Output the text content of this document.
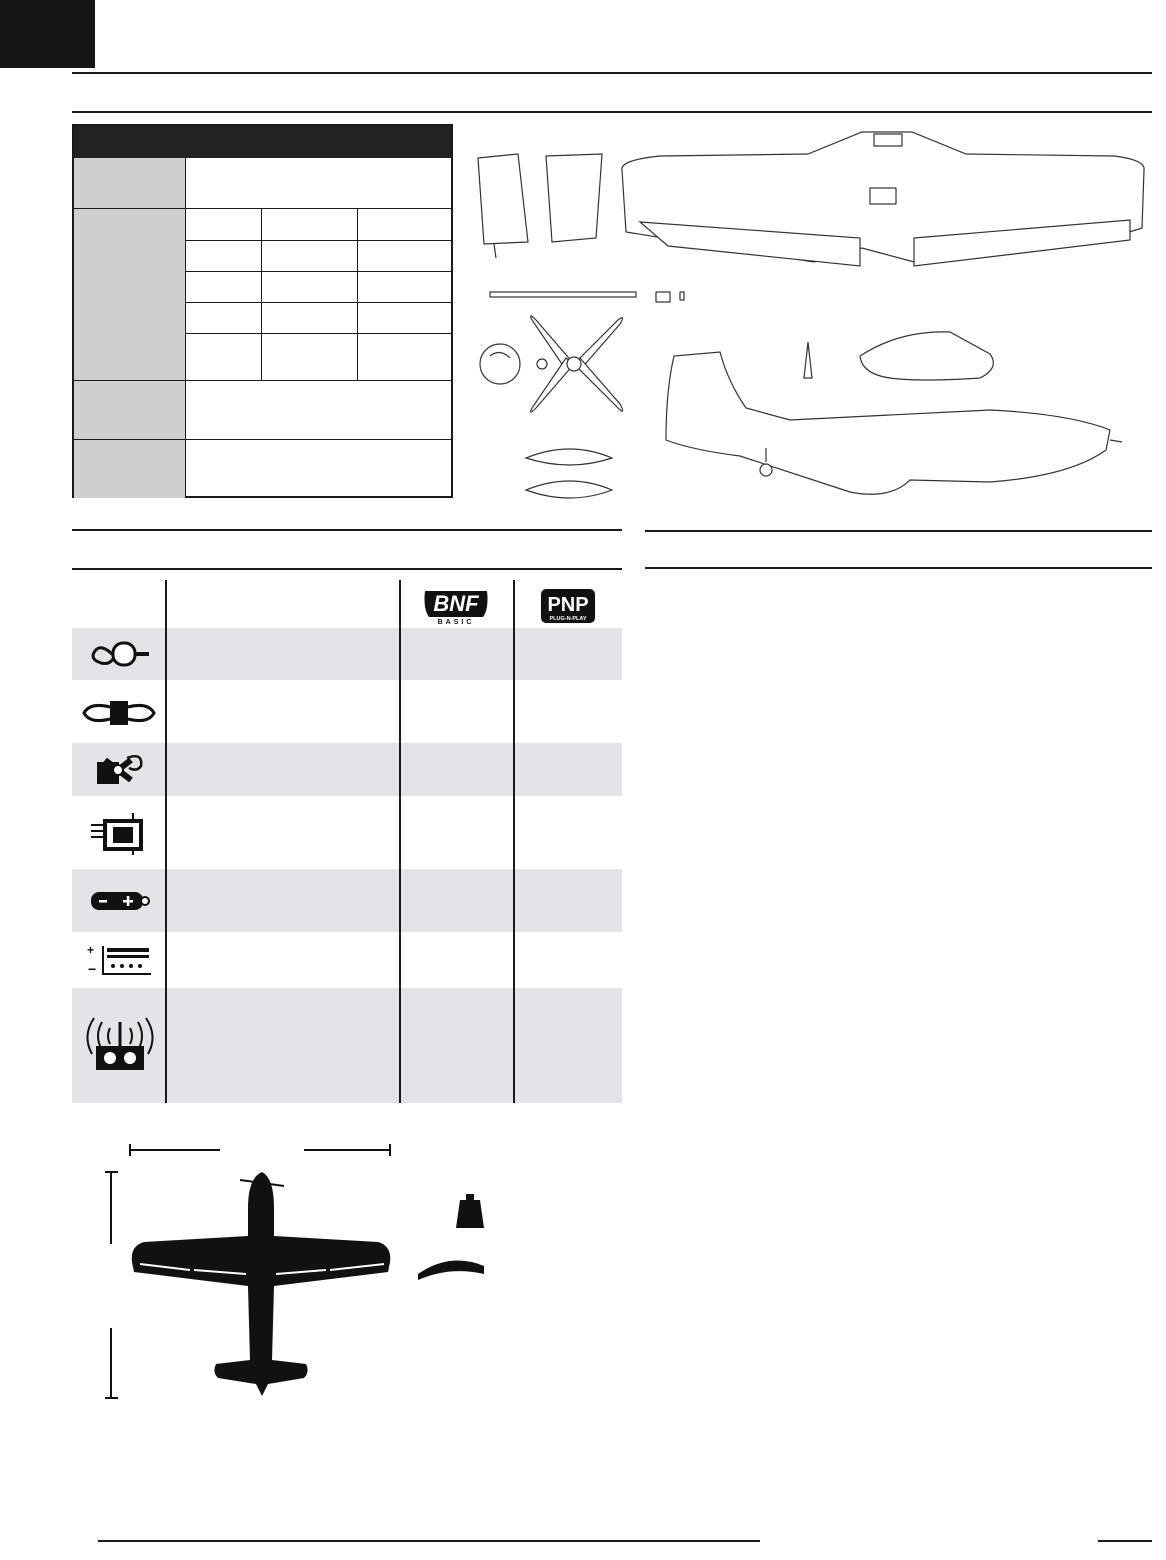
BNF
BASIC
PNP
PLUG-N-PLAY
+
−
